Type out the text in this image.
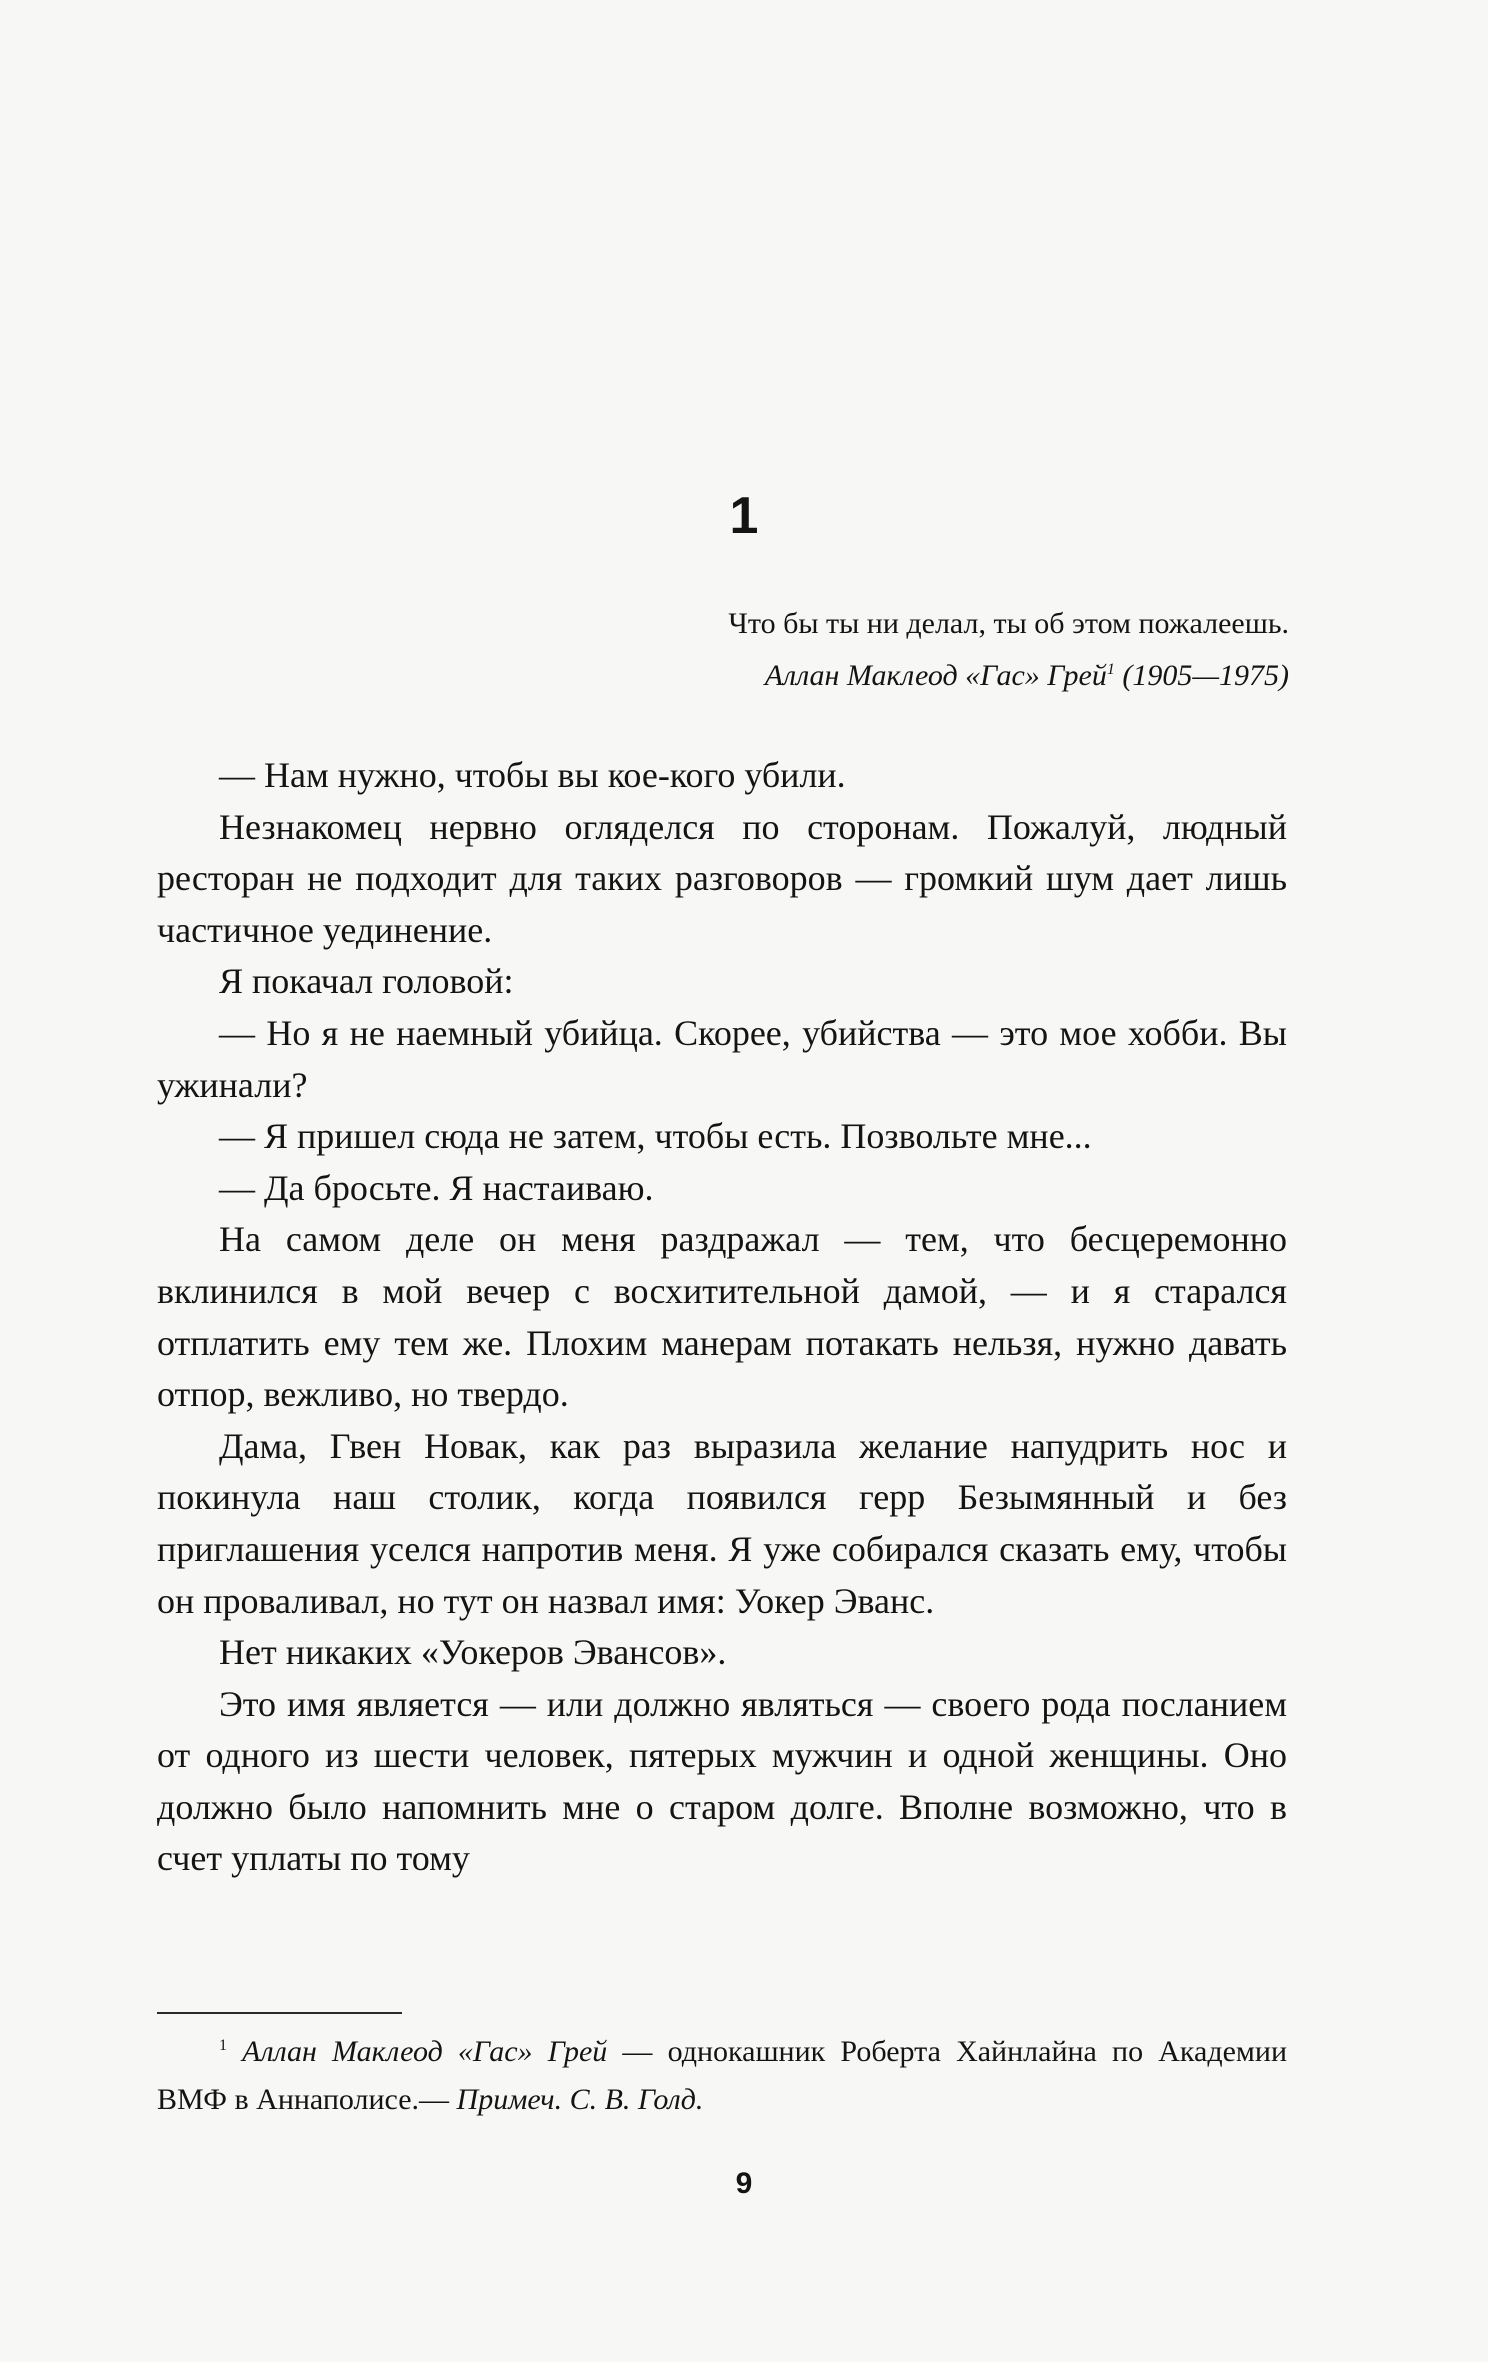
1
Что бы ты ни делал, ты об этом пожалеешь.
Аллан Маклеод «Гас» Грей$^1$ (1905—1975)

— Нам нужно, чтобы вы кое-кого убили.

Незнакомец нервно огляделся по сторонам. Пожалуй, людный ресторан не подходит для таких разговоров — громкий шум дает лишь частичное уединение.

Я покачал головой:

— Но я не наемный убийца. Скорее, убийства — это мое хобби. Вы ужинали?

— Я пришел сюда не затем, чтобы есть. Позвольте мне...

— Да бросьте. Я настаиваю.

На самом деле он меня раздражал — тем, что бесцеремонно вклинился в мой вечер с восхитительной дамой, — и я старался отплатить ему тем же. Плохим манерам потакать нельзя, нужно давать отпор, вежливо, но твердо.

Дама, Гвен Новак, как раз выразила желание напудрить нос и покинула наш столик, когда появился герр Безымянный и без приглашения уселся напротив меня. Я уже собирался сказать ему, чтобы он проваливал, но тут он назвал имя: Уокер Эванс.

Нет никаких «Уокеров Эвансов».

Это имя является — или должно являться — своего рода посланием от одного из шести человек, пятерых мужчин и одной женщины. Оно должно было напомнить мне о старом долге. Вполне возможно, что в счет уплаты по тому

$^1$ Аллан Маклеод «Гас» Грей — однокашник Роберта Хайнлайна по Академии ВМФ в Аннаполисе.— Примеч. С. В. Голд.

9
